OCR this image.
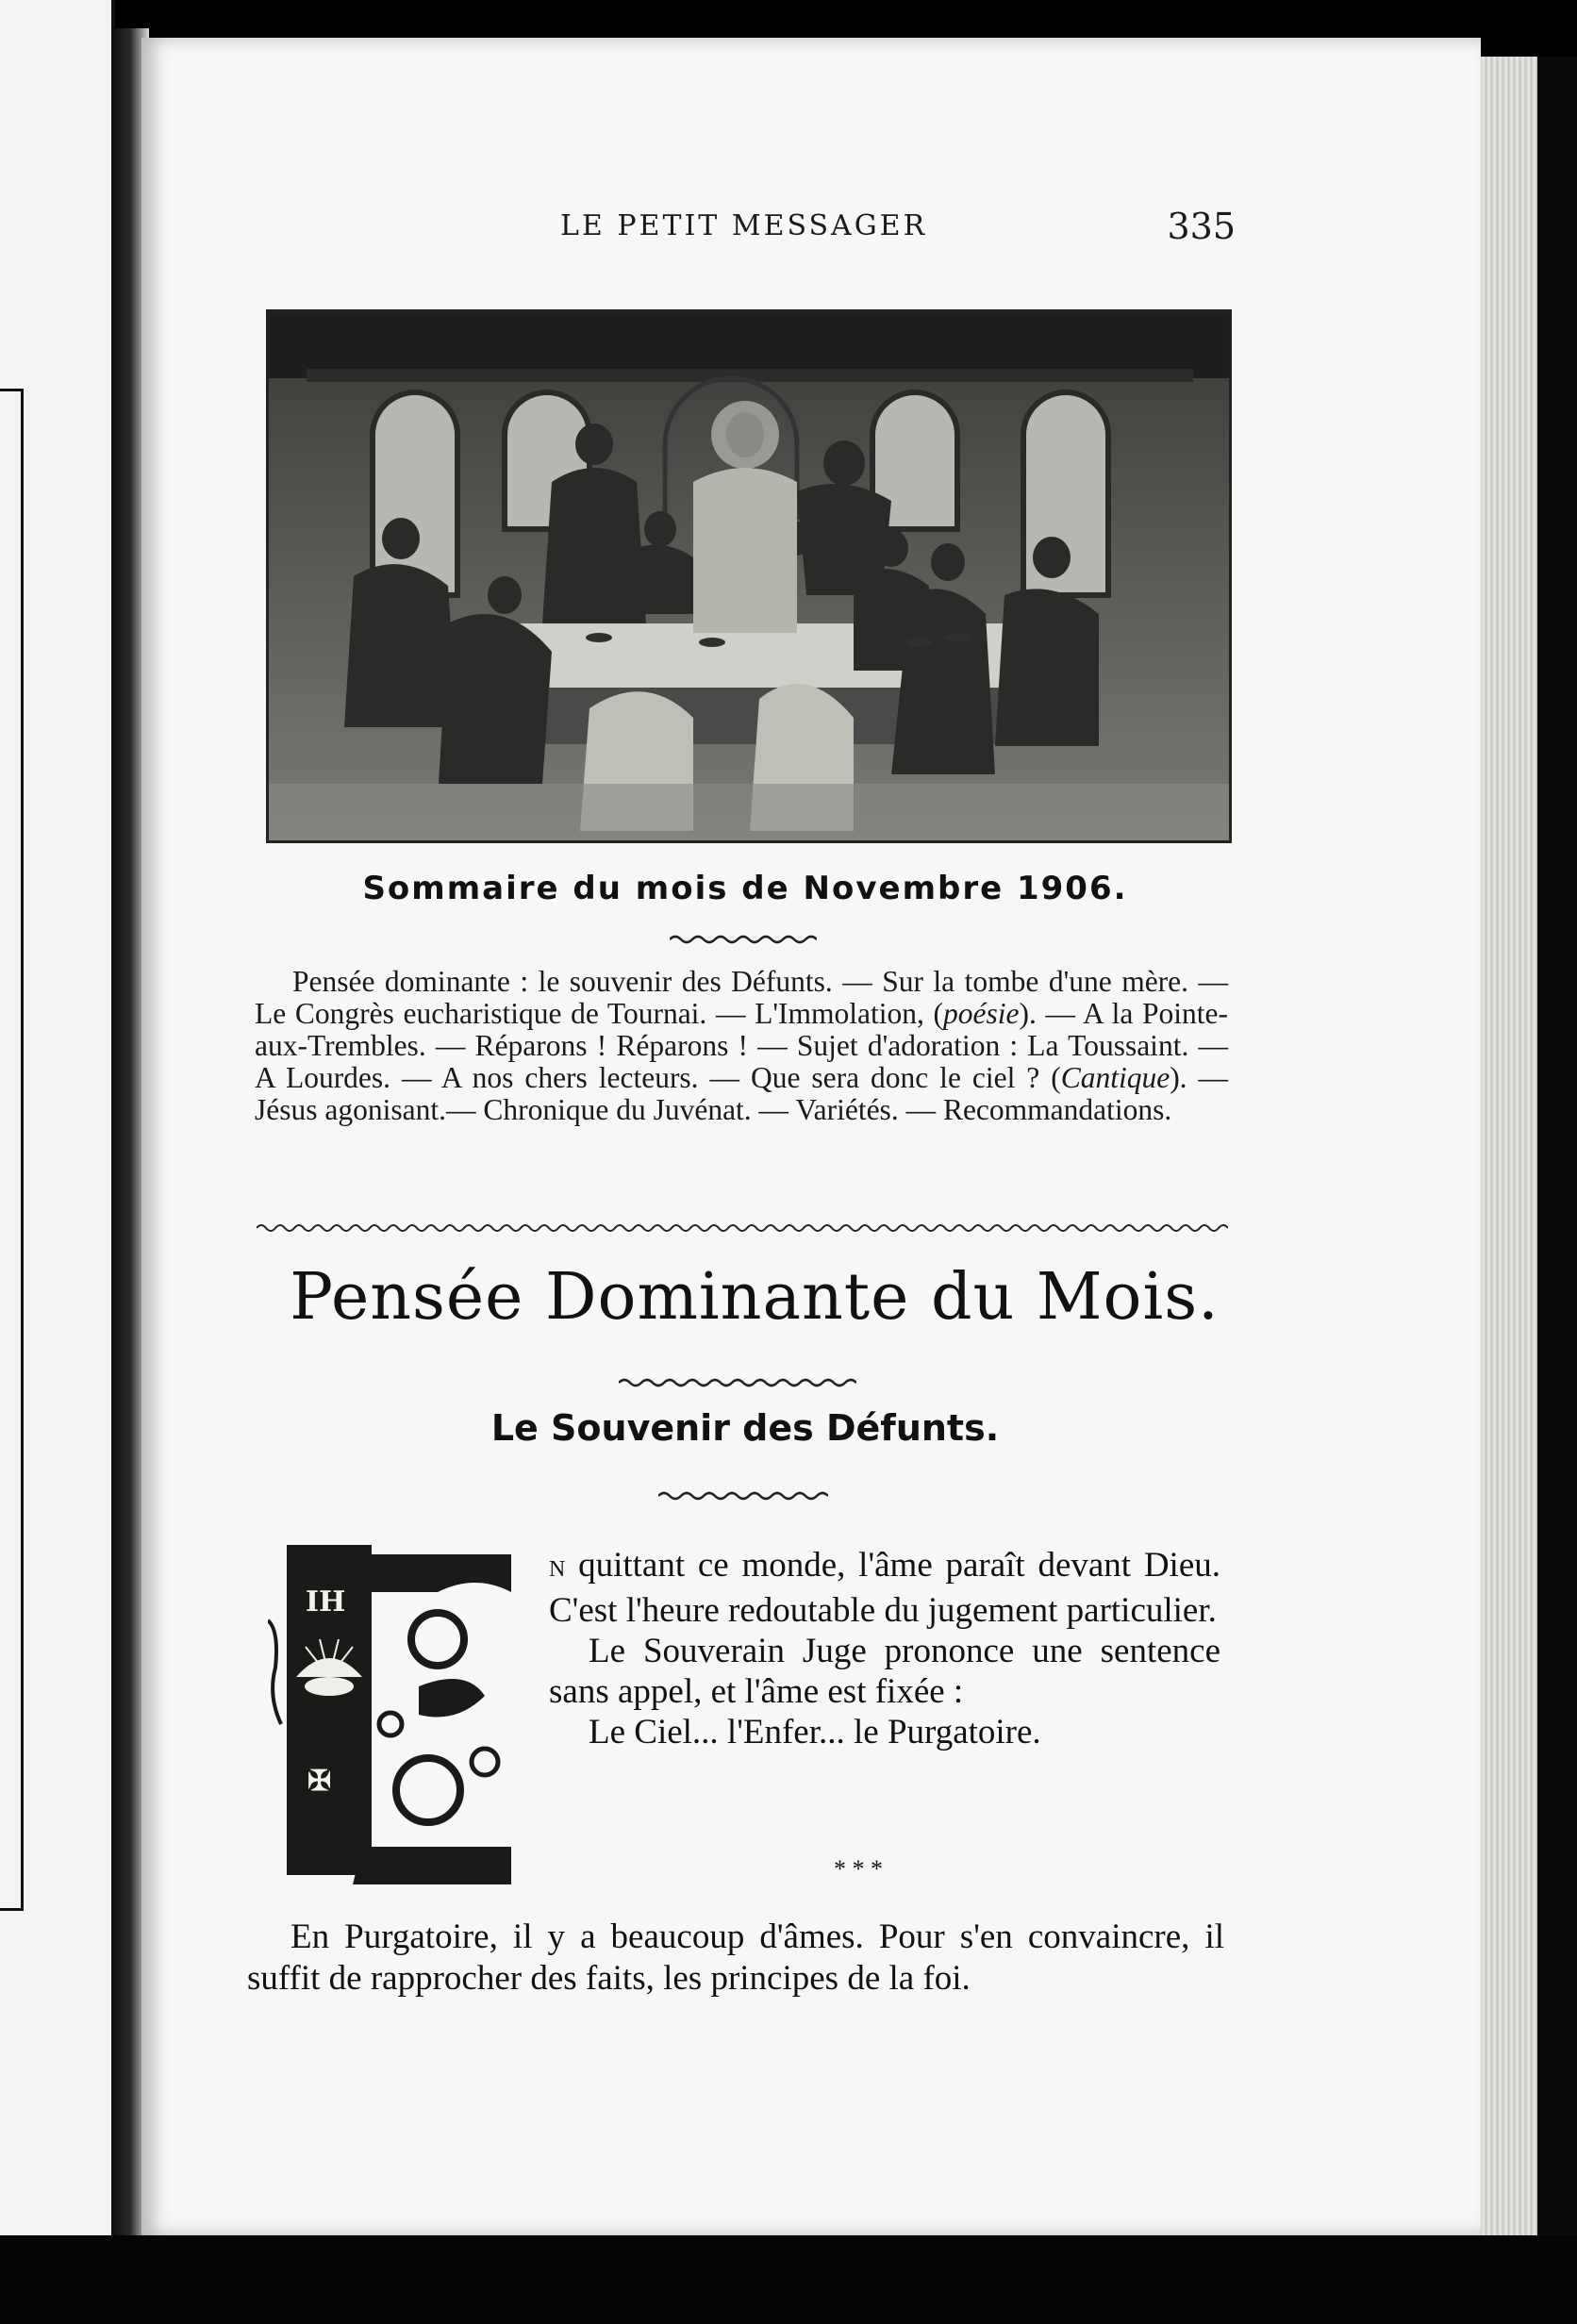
LE PETIT MESSAGER	335
Sommaire du mois de Novembre 1906.
Pensée dominante : le souvenir des Défunts. — Sur la tombe d'une mère. — Le Congrès eucharistique de Tournai. — L'Immolation, (poésie). — A la Pointe-aux-Trembles. — Réparons ! Réparons ! — Sujet d'adoration : La Toussaint. — A Lourdes. — A nos chers lecteurs. — Que sera donc le ciel ? (Cantique). — Jésus agonisant.— Chronique du Juvénat. — Variétés. — Recommandations.
Pensée Dominante du Mois.
Le Souvenir des Défunts.
IH
✠

N quittant ce monde, l'âme paraît devant Dieu. C'est l'heure redoutable du jugement particulier.

Le Souverain Juge prononce une sentence sans appel, et l'âme est fixée :

Le Ciel... l'Enfer... le Purgatoire.

* * *
En Purgatoire, il y a beaucoup d'âmes. Pour s'en convaincre, il suffit de rapprocher des faits, les principes de la foi.
